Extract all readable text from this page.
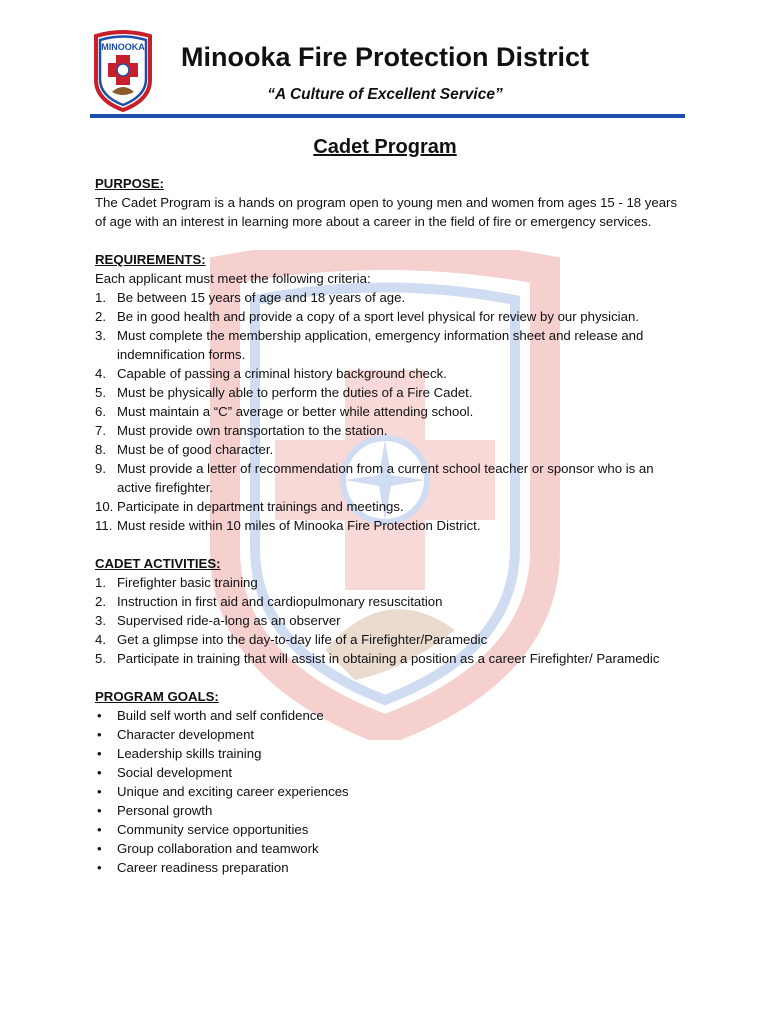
MINOOKA	Minooka Fire Protection District
“A Culture of Excellent Service”
Cadet Program
PURPOSE:

The Cadet Program is a hands on program open to young men and women from ages 15 - 18 years of age with an interest in learning more about a career in the field of fire or emergency services.

REQUIREMENTS:
Each applicant must meet the following criteria:
1. Be between 15 years of age and 18 years of age.
2. Be in good health and provide a copy of a sport level physical for review by our physician.
3. Must complete the membership application, emergency information sheet and release and indemnification forms.
4. Capable of passing a criminal history background check.
5. Must be physically able to perform the duties of a Fire Cadet.
6. Must maintain a “C” average or better while attending school.
7. Must provide own transportation to the station.
8. Must be of good character.
9. Must provide a letter of recommendation from a current school teacher or sponsor who is an active firefighter.
10. Participate in department trainings and meetings.
11. Must reside within 10 miles of Minooka Fire Protection District.
CADET ACTIVITIES:
1. Firefighter basic training
2. Instruction in first aid and cardiopulmonary resuscitation
3. Supervised ride-a-long as an observer
4. Get a glimpse into the day-to-day life of a Firefighter/Paramedic
5. Participate in training that will assist in obtaining a position as a career Firefighter/ Paramedic
PROGRAM GOALS:
• Build self worth and self confidence
• Character development
• Leadership skills training
• Social development
• Unique and exciting career experiences
• Personal growth
• Community service opportunities
• Group collaboration and teamwork
• Career readiness preparation
